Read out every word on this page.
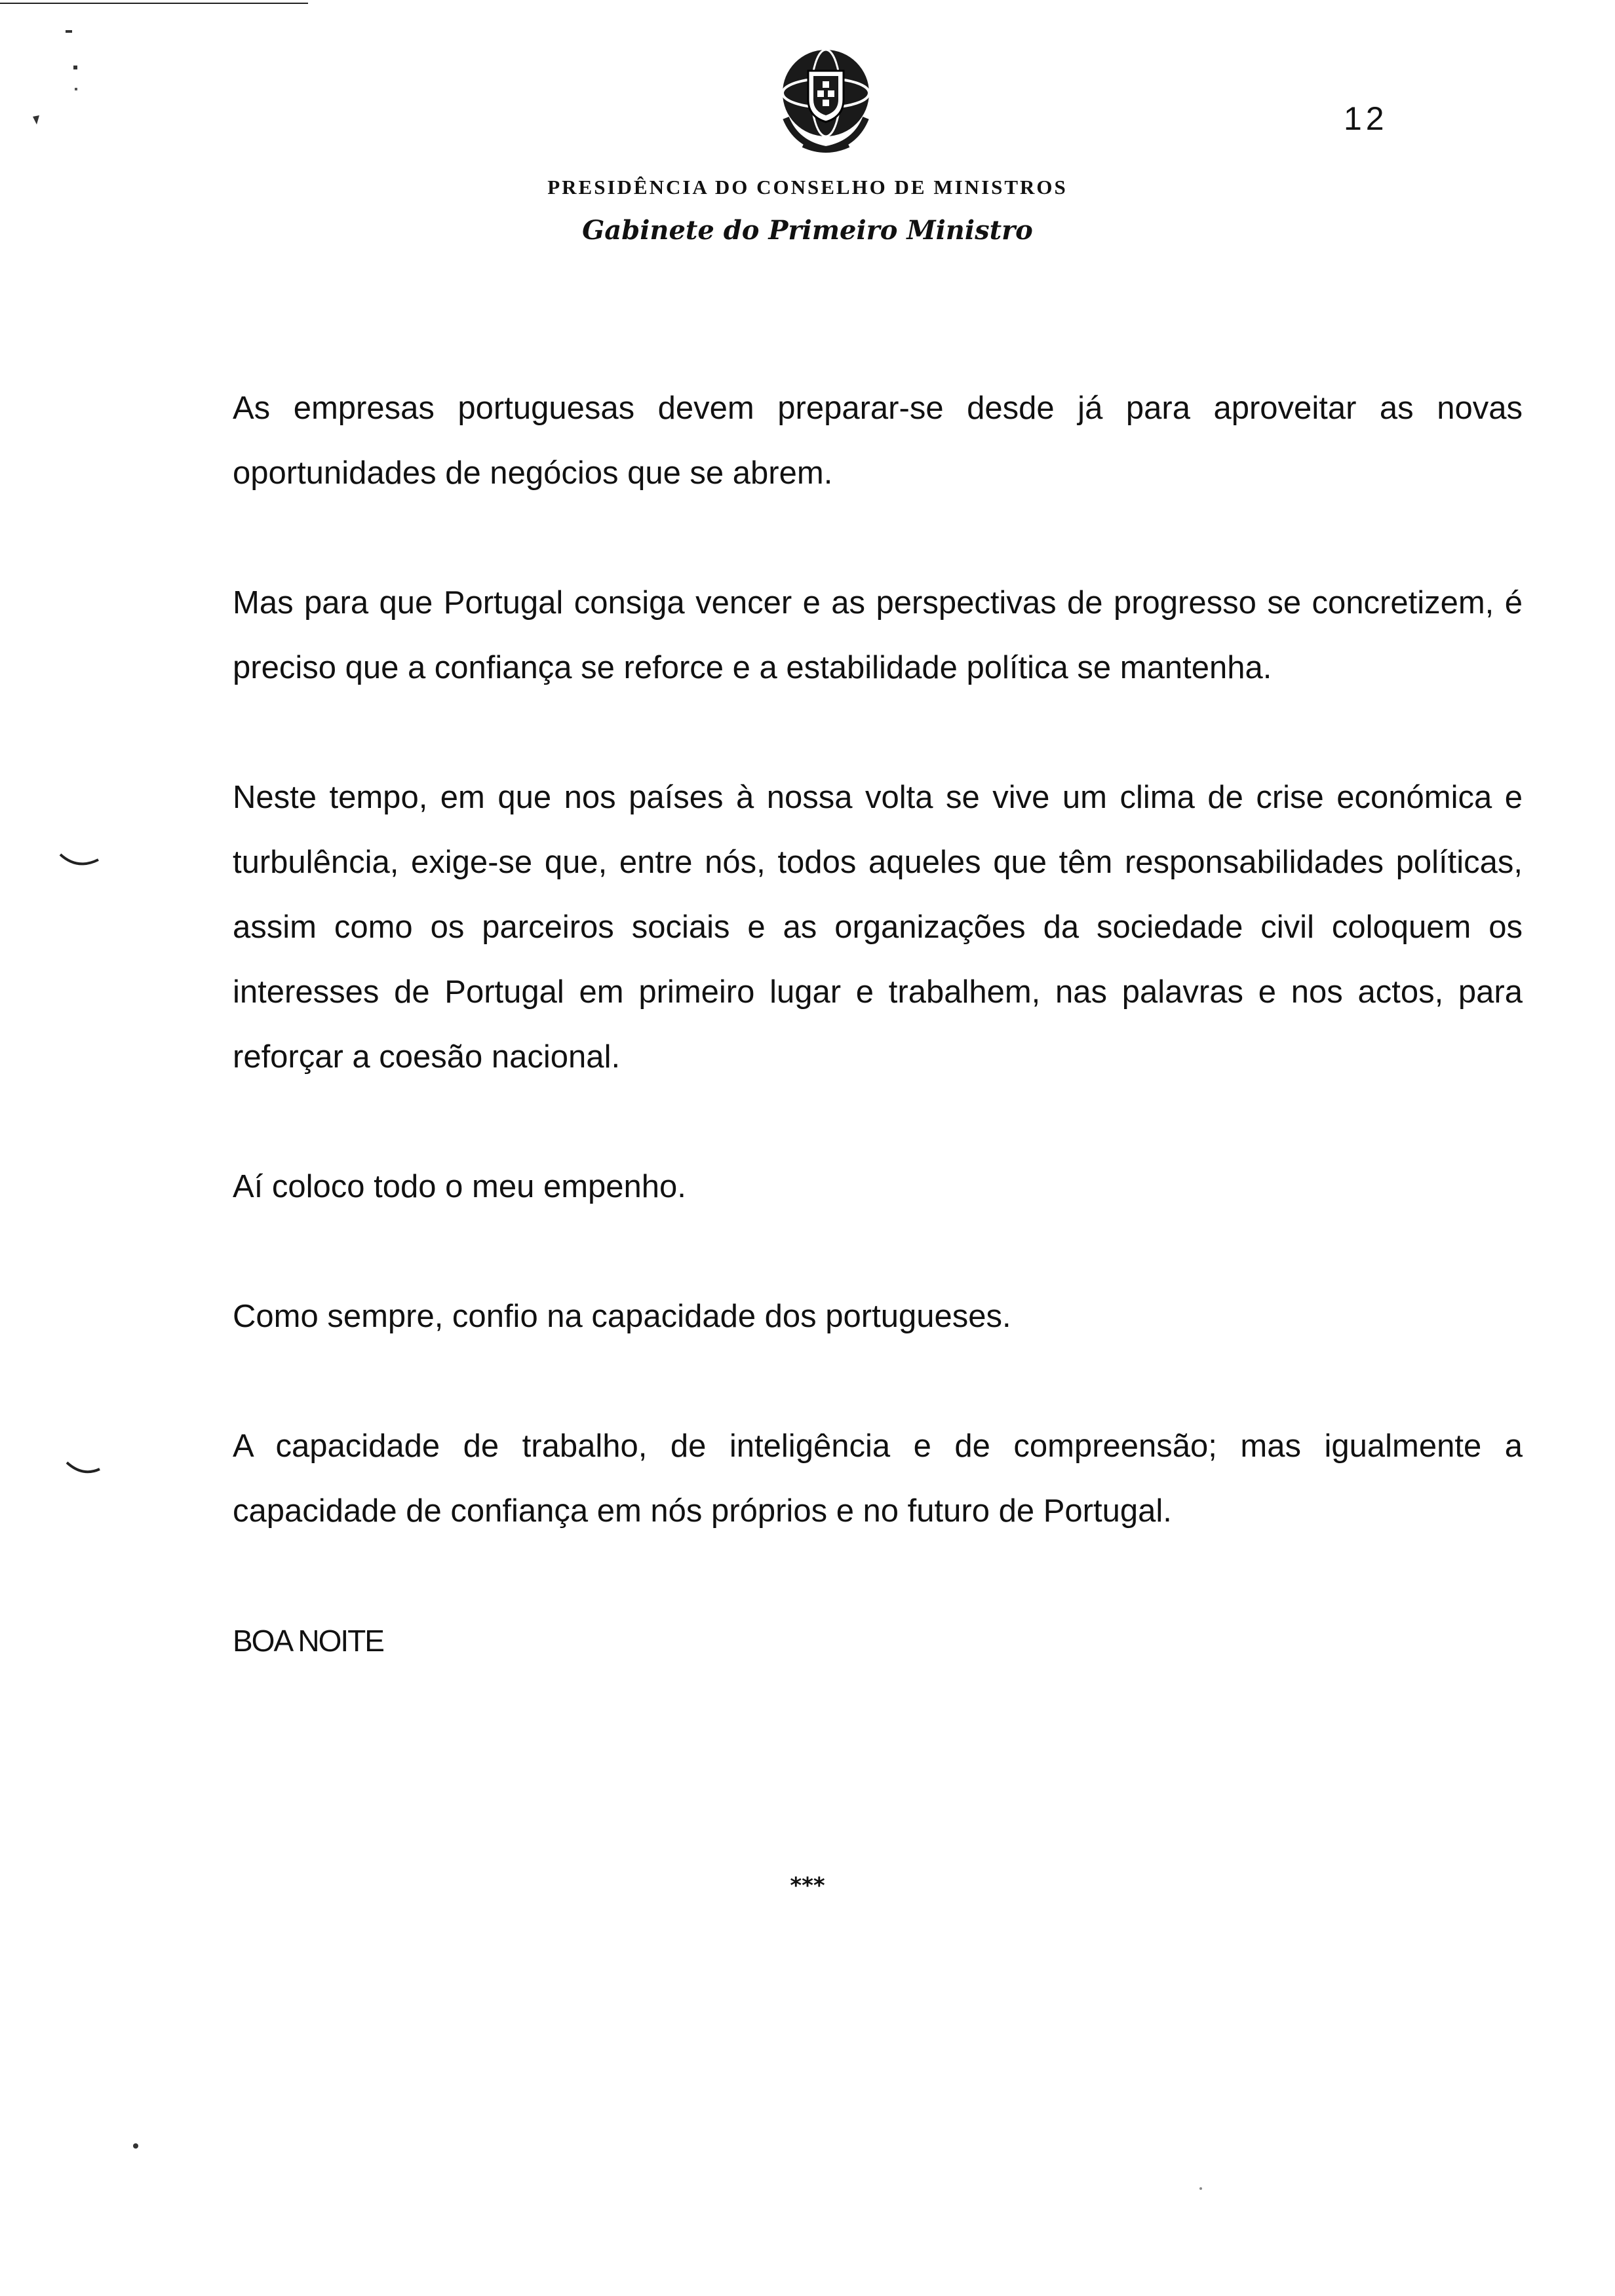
12
PRESIDÊNCIA DO CONSELHO DE MINISTROS
Gabinete do Primeiro Ministro

As empresas portuguesas devem preparar-se desde já para aproveitar as novas oportunidades de negócios que se abrem.

Mas para que Portugal consiga vencer e as perspectivas de progresso se concretizem, é preciso que a confiança se reforce e a estabilidade política se mantenha.

Neste tempo, em que nos países à nossa volta se vive um clima de crise económica e turbulência, exige-se que, entre nós, todos aqueles que têm responsabilidades políticas, assim como os parceiros sociais e as organizações da sociedade civil coloquem os interesses de Portugal em primeiro lugar e trabalhem, nas palavras e nos actos, para reforçar a coesão nacional.

Aí coloco todo o meu empenho.

Como sempre, confio na capacidade dos portugueses.

A capacidade de trabalho, de inteligência e de compreensão; mas igualmente a capacidade de confiança em nós próprios e no futuro de Portugal.

BOA NOITE

***
